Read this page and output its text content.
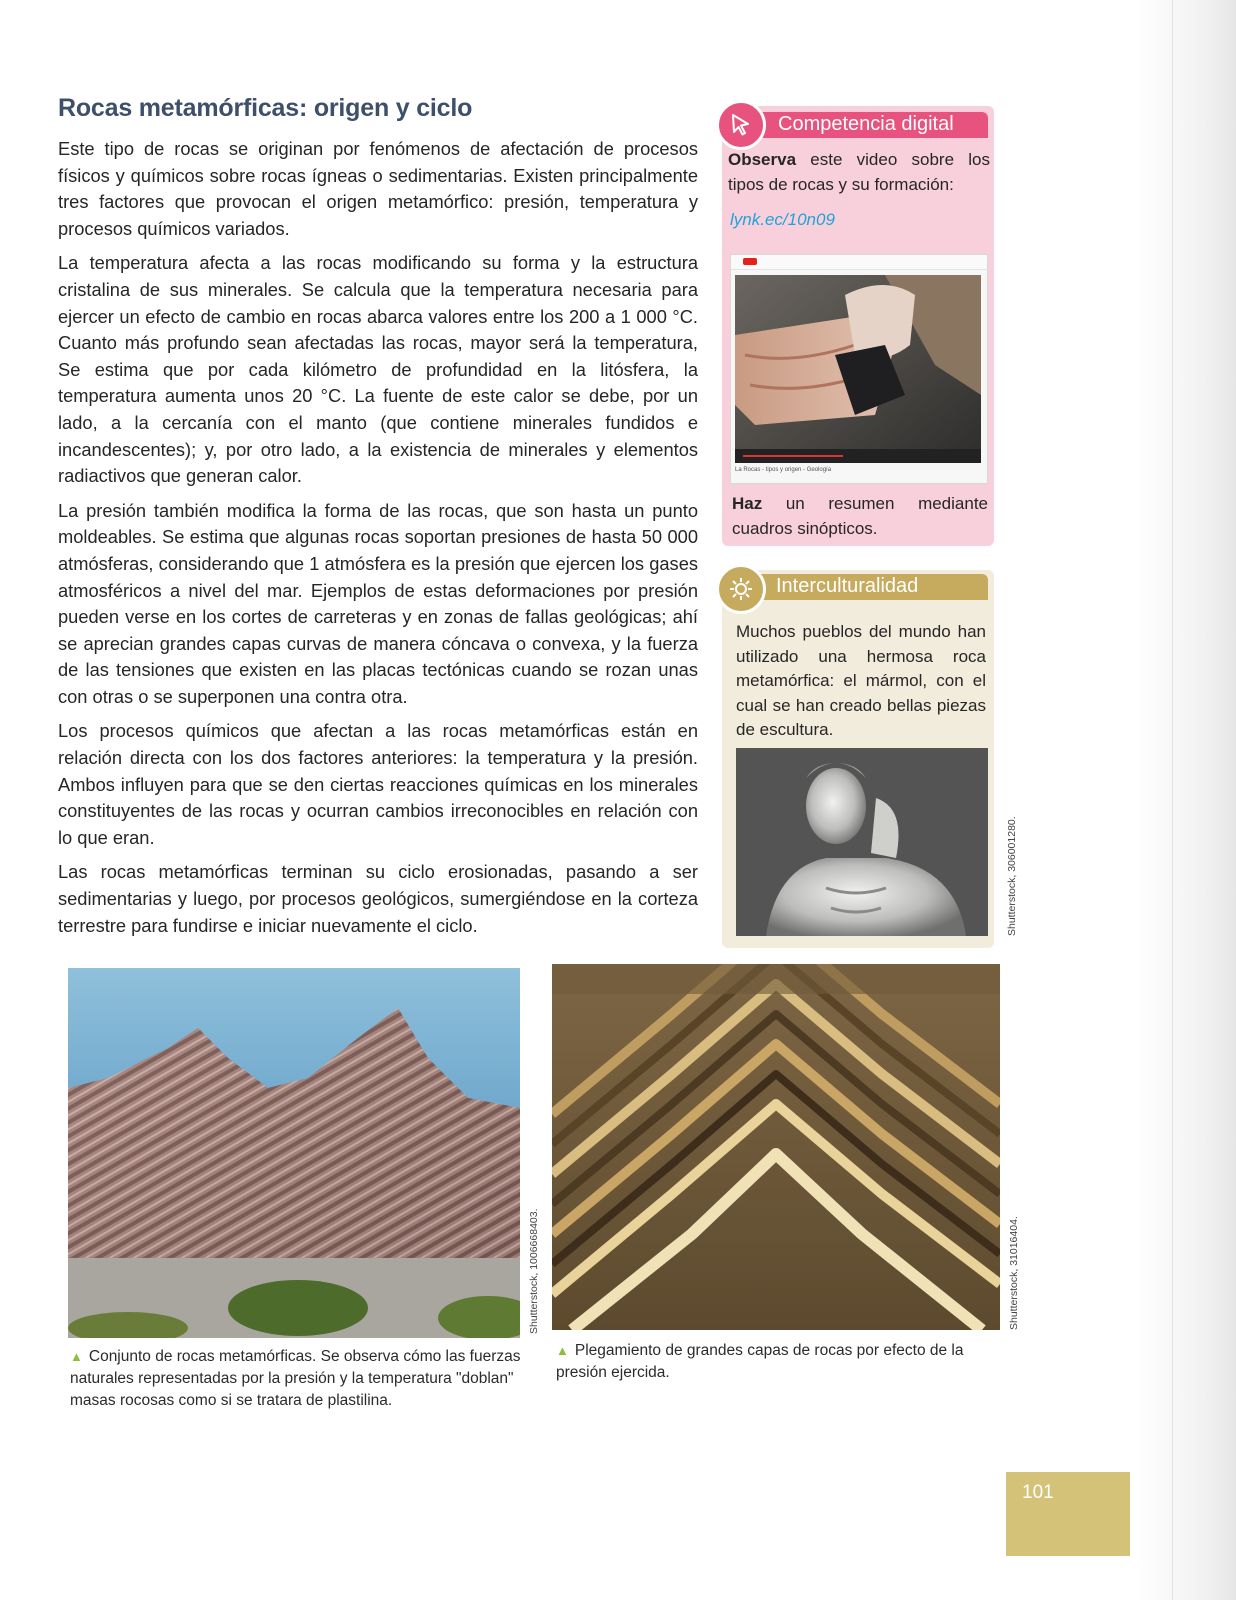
Rocas metamórficas: origen y ciclo

Este tipo de rocas se originan por fenómenos de afectación de procesos físicos y químicos sobre rocas ígneas o sedimentarias. Existen principalmente tres factores que provocan el origen metamórfico: presión, temperatura y procesos químicos variados.

La temperatura afecta a las rocas modificando su forma y la estructura cristalina de sus minerales. Se calcula que la temperatura necesaria para ejercer un efecto de cambio en rocas abarca valores entre los 200 a 1 000 °C. Cuanto más profundo sean afectadas las rocas, mayor será la temperatura, Se estima que por cada kilómetro de profundidad en la litósfera, la temperatura aumenta unos 20 °C. La fuente de este calor se debe, por un lado, a la cercanía con el manto (que contiene minerales fundidos e incandescentes); y, por otro lado, a la existencia de minerales y elementos radiactivos que generan calor.

La presión también modifica la forma de las rocas, que son hasta un punto moldeables. Se estima que algunas rocas soportan presiones de hasta 50 000 atmósferas, considerando que 1 atmósfera es la presión que ejercen los gases atmosféricos a nivel del mar. Ejemplos de estas deformaciones por presión pueden verse en los cortes de carreteras y en zonas de fallas geológicas; ahí se aprecian grandes capas curvas de manera cóncava o convexa, y la fuerza de las tensiones que existen en las placas tectónicas cuando se rozan unas con otras o se superponen una contra otra.

Los procesos químicos que afectan a las rocas metamórficas están en relación directa con los dos factores anteriores: la temperatura y la presión. Ambos influyen para que se den ciertas reacciones químicas en los minerales constituyentes de las rocas y ocurran cambios irreconocibles en relación con lo que eran.

Las rocas metamórficas terminan su ciclo erosionadas, pasando a ser sedimentarias y luego, por procesos geológicos, sumergiéndose en la corteza terrestre para fundirse e iniciar nuevamente el ciclo.

Competencia digital
Observa este video sobre los tipos de rocas y su formación:
lynk.ec/10n09
La Rocas - tipos y origen - Geología
Haz un resumen mediante cuadros sinópticos.
Interculturalidad
Muchos pueblos del mundo han utilizado una hermosa roca metamórfica: el mármol, con el cual se han creado bellas piezas de escultura.
Shutterstock, 306001280.
Shutterstock, 1006668403.
▲ Conjunto de rocas metamórficas. Se observa cómo las fuerzas naturales representadas por la presión y la temperatura "doblan" masas rocosas como si se tratara de plastilina.
Shutterstock, 31016404.
▲ Plegamiento de grandes capas de rocas por efecto de la presión ejercida.
101
